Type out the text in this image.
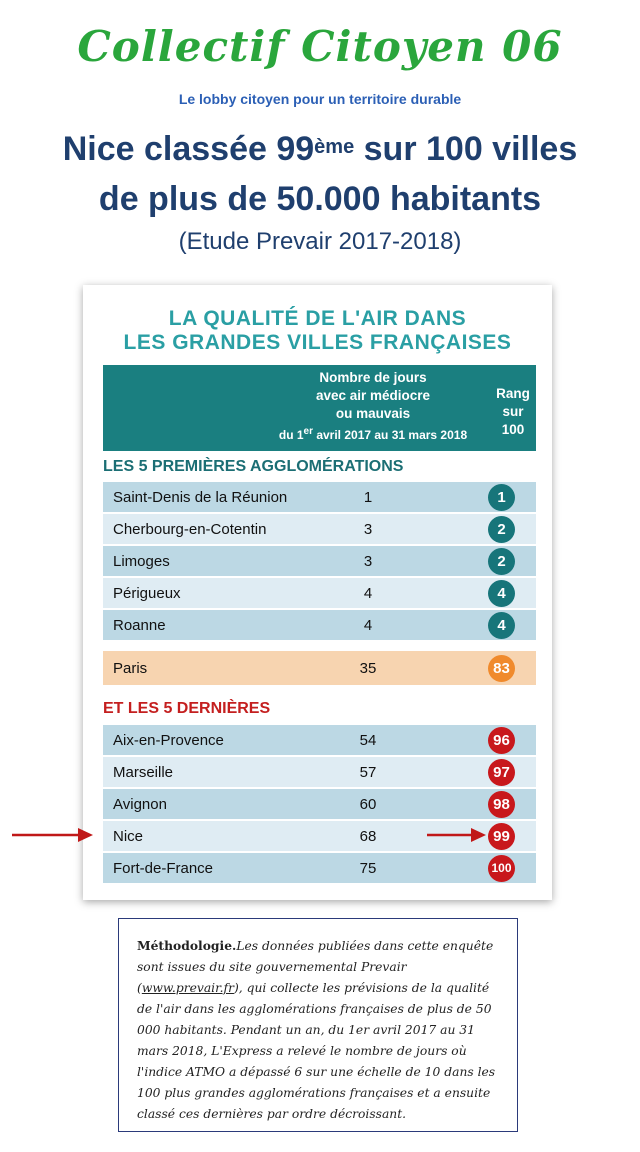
Collectif Citoyen 06
Le lobby citoyen pour un territoire durable
Nice classée 99ème sur 100 villes
de plus de 50.000 habitants
(Etude Prevair 2017-2018)
LA QUALITÉ DE L'AIR DANS
LES GRANDES VILLES FRANÇAISES
Nombre de jours
avec air médiocre
ou mauvais
du 1er avril 2017 au 31 mars 2018
Rang
sur
100
LES 5 PREMIÈRES AGGLOMÉRATIONS
Saint-Denis de la Réunion	1	1
Cherbourg-en-Cotentin	3	2
Limoges	3	2
Périgueux	4	4
Roanne	4	4
Paris	35	83
ET LES 5 DERNIÈRES
Aix-en-Provence	54	96
Marseille	57	97
Avignon	60	98
Nice	68	99
Fort-de-France	75	100
Méthodologie.Les données publiées dans cette enquête sont issues du site gouvernemental Prevair (www.prevair.fr), qui collecte les prévisions de la qualité de l'air dans les agglomérations françaises de plus de 50 000 habitants. Pendant un an, du 1er avril 2017 au 31 mars 2018, L'Express a relevé le nombre de jours où l'indice ATMO a dépassé 6 sur une échelle de 10 dans les 100 plus grandes agglomérations françaises et a ensuite classé ces dernières par ordre décroissant.
